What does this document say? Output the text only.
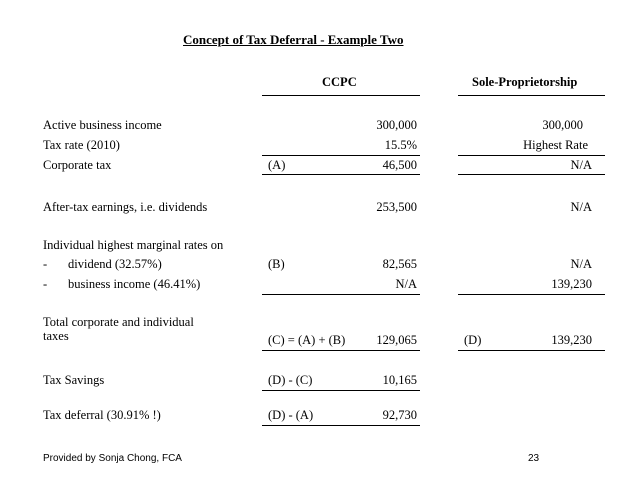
Concept of Tax Deferral - Example Two
CCPC	Sole-Proprietorship
Active business income	300,000	300,000
Tax rate (2010)	15.5%	Highest Rate
Corporate tax	(A)	46,500	N/A
After-tax earnings, i.e. dividends	253,500	N/A
Individual highest marginal rates on
- dividend (32.57%)	(B)	82,565	N/A
- business income (46.41%)	N/A	139,230
Total corporate and individual
taxes	(C) = (A) + (B) 129,065	(D)	139,230
Tax Savings	(D) - (C)	10,165
Tax deferral (30.91% !)	(D) - (A)	92,730
Provided by Sonja Chong, FCA	23
